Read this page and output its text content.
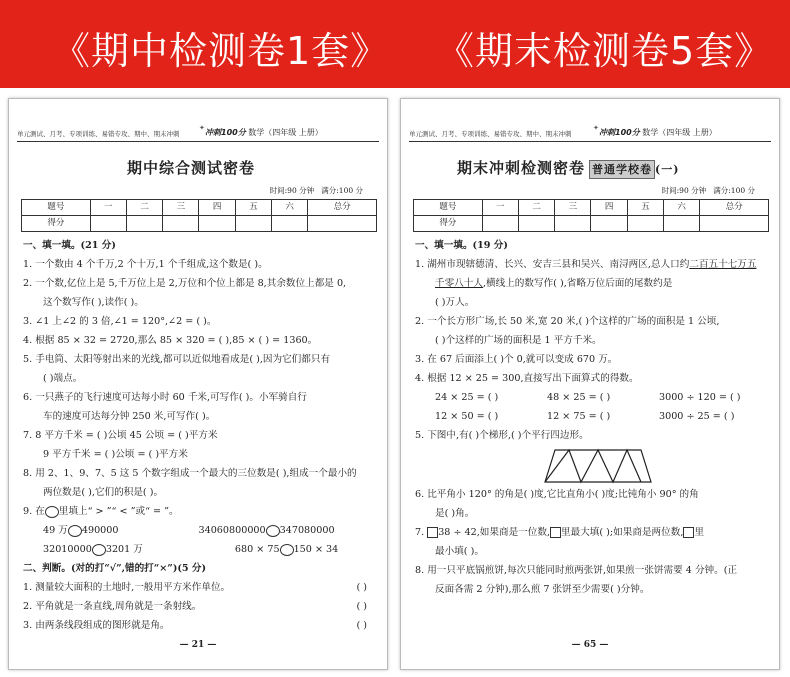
《期中检测卷1套》 《期末检测卷5套》
单元测试、月考、专项训练、易错专攻、期中、期末冲刺
✦ 冲刺100分 数学（四年级 上册）
期中综合测试密卷
时间:90 分钟 满分:100 分
题号	一	二	三	四	五	六	总分
得分							
一、填一填。(21 分)
1. 一个数由 4 个千万,2 个十万,1 个千组成,这个数是( )。
2. 一个数,亿位上是 5,千万位上是 2,万位和个位上都是 8,其余数位上都是 0,
这个数写作( ),读作( )。
3. ∠1 上∠2 的 3 倍,∠1 = 120°,∠2 = ( )。
4. 根据 85 × 32 = 2720,那么 85 × 320 = ( ),85 × ( ) = 1360。
5. 手电筒、太阳等射出来的光线,都可以近似地看成是( ),因为它们都只有
( )端点。
6. 一只燕子的飞行速度可达每小时 60 千米,可写作( )。小军骑自行
车的速度可达每分钟 250 米,可写作( )。
7. 8 平方千米 = ( )公顷 45 公顷 = ( )平方米
9 平方千米 = ( )公顷 = ( )平方米
8. 用 2、1、9、7、5 这 5 个数字组成一个最大的三位数是( ),组成一个最小的
两位数是( ),它们的积是( )。
9. 在 里填上“ > ”“ < ”或“ = ”。
49 万 490000	34060800000 347080000
32010000 3201 万	680 × 75 150 × 34
二、判断。(对的打“√”,错的打“×”)(5 分)
1. 测量较大面积的土地时,一般用平方米作单位。	( )
2. 平角就是一条直线,周角就是一条射线。	( )
3. 由两条线段组成的图形就是角。	( )
— 21 —
单元测试、月考、专项训练、易错专攻、期中、期末冲刺
✦ 冲刺100分 数学（四年级 上册）
期末冲刺检测密卷 普通学校卷 (一)
时间:90 分钟 满分:100 分
题号	一	二	三	四	五	六	总分
得分							
一、填一填。(19 分)
1. 湖州市现辖德清、长兴、安吉三县和吴兴、南浔两区,总人口约二百五十七万五
千零八十人,横线上的数写作( ),省略万位后面的尾数约是
( )万人。
2. 一个长方形广场,长 50 米,宽 20 米,( )个这样的广场的面积是 1 公顷,
( )个这样的广场的面积是 1 平方千米。
3. 在 67 后面添上( )个 0,就可以变成 670 万。
4. 根据 12 × 25 = 300,直接写出下面算式的得数。
24 × 25 = ( )	48 × 25 = ( )	3000 ÷ 120 = ( )
12 × 50 = ( )	12 × 75 = ( )	3000 ÷ 25 = ( )
5. 下图中,有( )个梯形,( )个平行四边形。
6. 比平角小 120° 的角是( )度,它比直角小( )度;比钝角小 90° 的角
是( )角。
7. 38 ÷ 42,如果商是一位数, 里最大填( );如果商是两位数, 里
最小填( )。
8. 用一只平底锅煎饼,每次只能同时煎两张饼,如果煎一张饼需要 4 分钟。(正
反面各需 2 分钟),那么煎 7 张饼至少需要( )分钟。
— 65 —
